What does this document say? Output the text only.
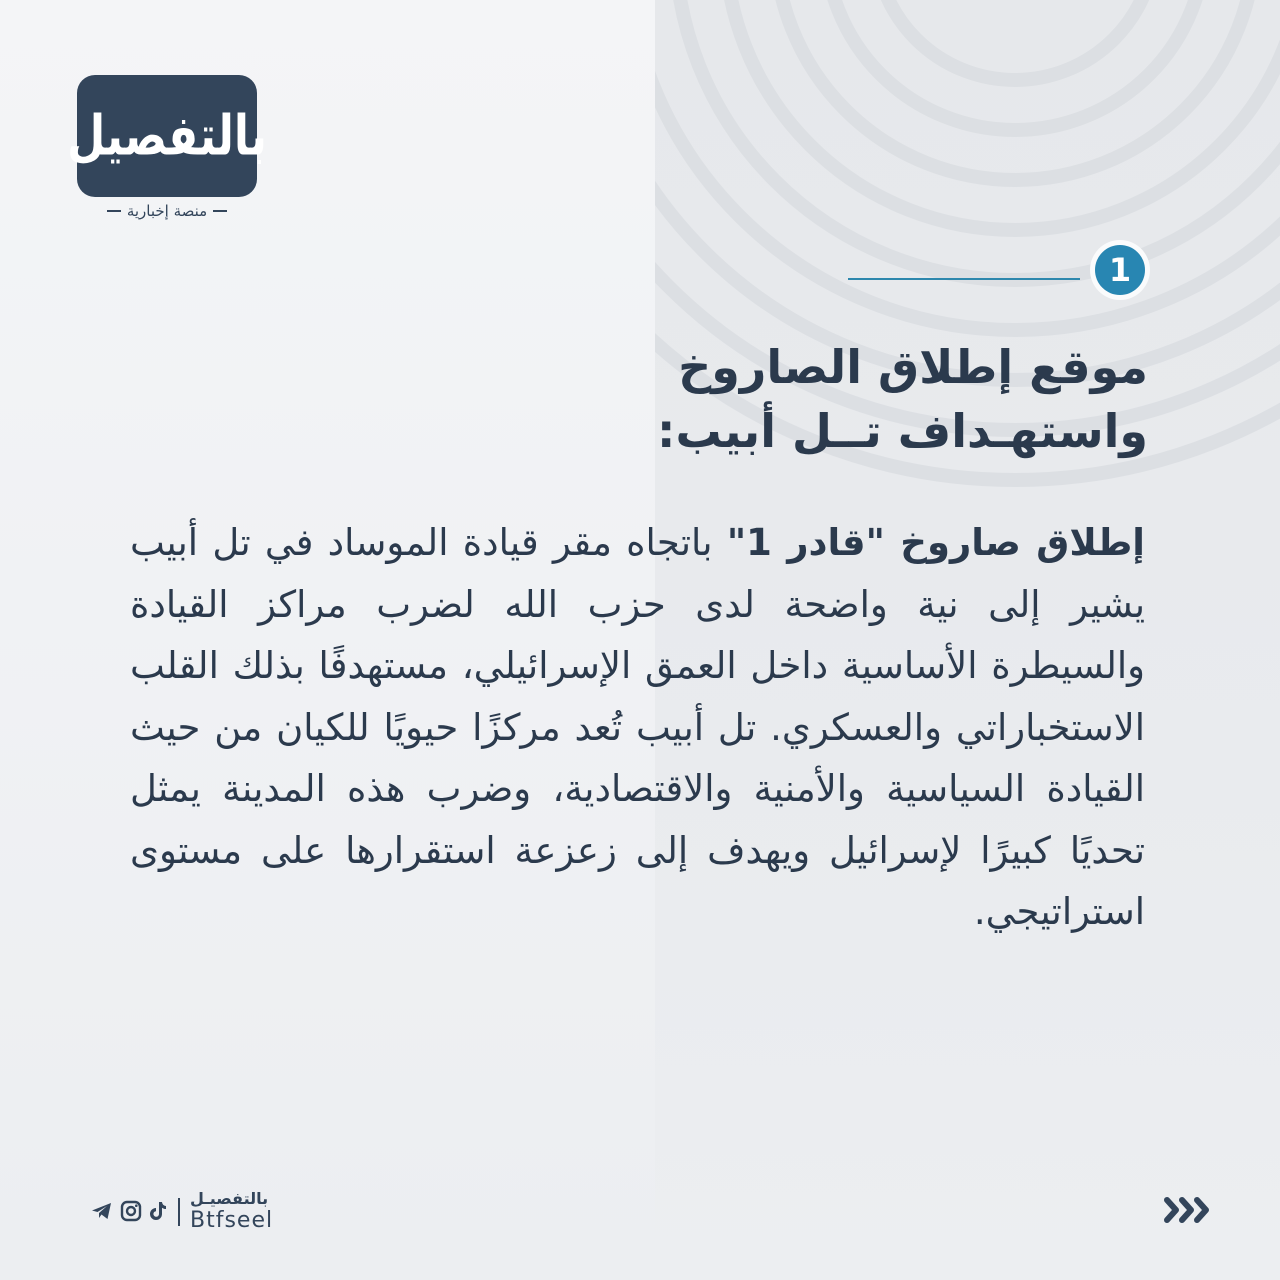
بالتفصيل
منصة إخبارية
1
موقع إطلاق الصاروخ
واستهـداف تــل أبيب:

إطلاق صاروخ "قادر 1" باتجاه مقر قيادة الموساد في تل أبيب يشير إلى نية واضحة لدى حزب الله لضرب مراكز القيادة والسيطرة الأساسية داخل العمق الإسرائيلي، مستهدفًا بذلك القلب الاستخباراتي والعسكري. تل أبيب تُعد مركزًا حيويًا للكيان من حيث القيادة السياسية والأمنية والاقتصادية، وضرب هذه المدينة يمثل تحديًا كبيرًا لإسرائيل ويهدف إلى زعزعة استقرارها على مستوى استراتيجي.

بالتفصيـل
Btfseel
